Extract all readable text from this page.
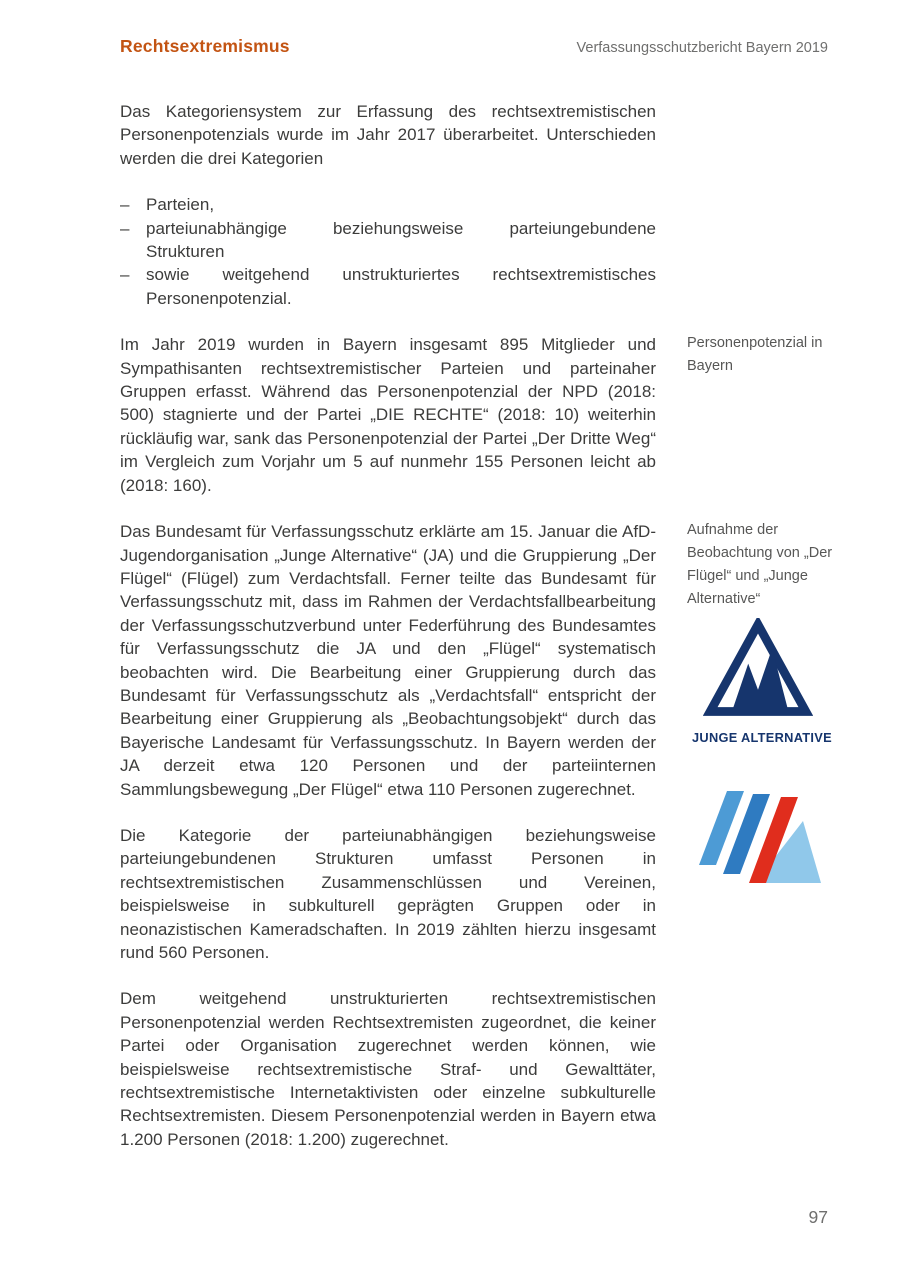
Rechtsextremismus	Verfassungsschutzbericht Bayern 2019

Das Kategoriensystem zur Erfassung des rechtsextremistischen Personenpotenzials wurde im Jahr 2017 überarbeitet. Unterschieden werden die drei Kategorien

– Parteien,
– parteiunabhängige beziehungsweise parteiungebundene Strukturen
– sowie weitgehend unstrukturiertes rechtsextremistisches Personenpotenzial.

Im Jahr 2019 wurden in Bayern insgesamt 895 Mitglieder und Sympathisanten rechtsextremistischer Parteien und parteinaher Gruppen erfasst. Während das Personenpotenzial der NPD (2018: 500) stagnierte und der Partei „DIE RECHTE“ (2018: 10) weiterhin rückläufig war, sank das Personenpotenzial der Partei „Der Dritte Weg“ im Vergleich zum Vorjahr um 5 auf nunmehr 155 Personen leicht ab (2018: 160).

Das Bundesamt für Verfassungsschutz erklärte am 15. Januar die AfD-Jugendorganisation „Junge Alternative“ (JA) und die Gruppierung „Der Flügel“ (Flügel) zum Verdachtsfall. Ferner teilte das Bundesamt für Verfassungsschutz mit, dass im Rahmen der Verdachtsfallbearbeitung der Verfassungsschutzverbund unter Federführung des Bundesamtes für Verfassungsschutz die JA und den „Flügel“ systematisch beobachten wird. Die Bearbeitung einer Gruppierung durch das Bundesamt für Verfassungsschutz als „Verdachtsfall“ entspricht der Bearbeitung einer Gruppierung als „Beobachtungsobjekt“ durch das Bayerische Landesamt für Verfassungsschutz. In Bayern werden der JA derzeit etwa 120 Personen und der parteiinternen Sammlungsbewegung „Der Flügel“ etwa 110 Personen zugerechnet.

Die Kategorie der parteiunabhängigen beziehungsweise parteiungebundenen Strukturen umfasst Personen in rechtsextremistischen Zusammenschlüssen und Vereinen, beispielsweise in subkulturell geprägten Gruppen oder in neonazistischen Kameradschaften. In 2019 zählten hierzu insgesamt rund 560 Personen.

Dem weitgehend unstrukturierten rechtsextremistischen Personenpotenzial werden Rechtsextremisten zugeordnet, die keiner Partei oder Organisation zugerechnet werden können, wie beispielsweise rechtsextremistische Straf- und Gewalttäter, rechtsextremistische Internetaktivisten oder einzelne subkulturelle Rechtsextremisten. Diesem Personenpotenzial werden in Bayern etwa 1.200 Personen (2018: 1.200) zugerechnet.

Personenpotenzial in Bayern
Aufnahme der Beobachtung von „Der Flügel“ und „Junge Alternative“
JUNGE ALTERNATIVE
97
